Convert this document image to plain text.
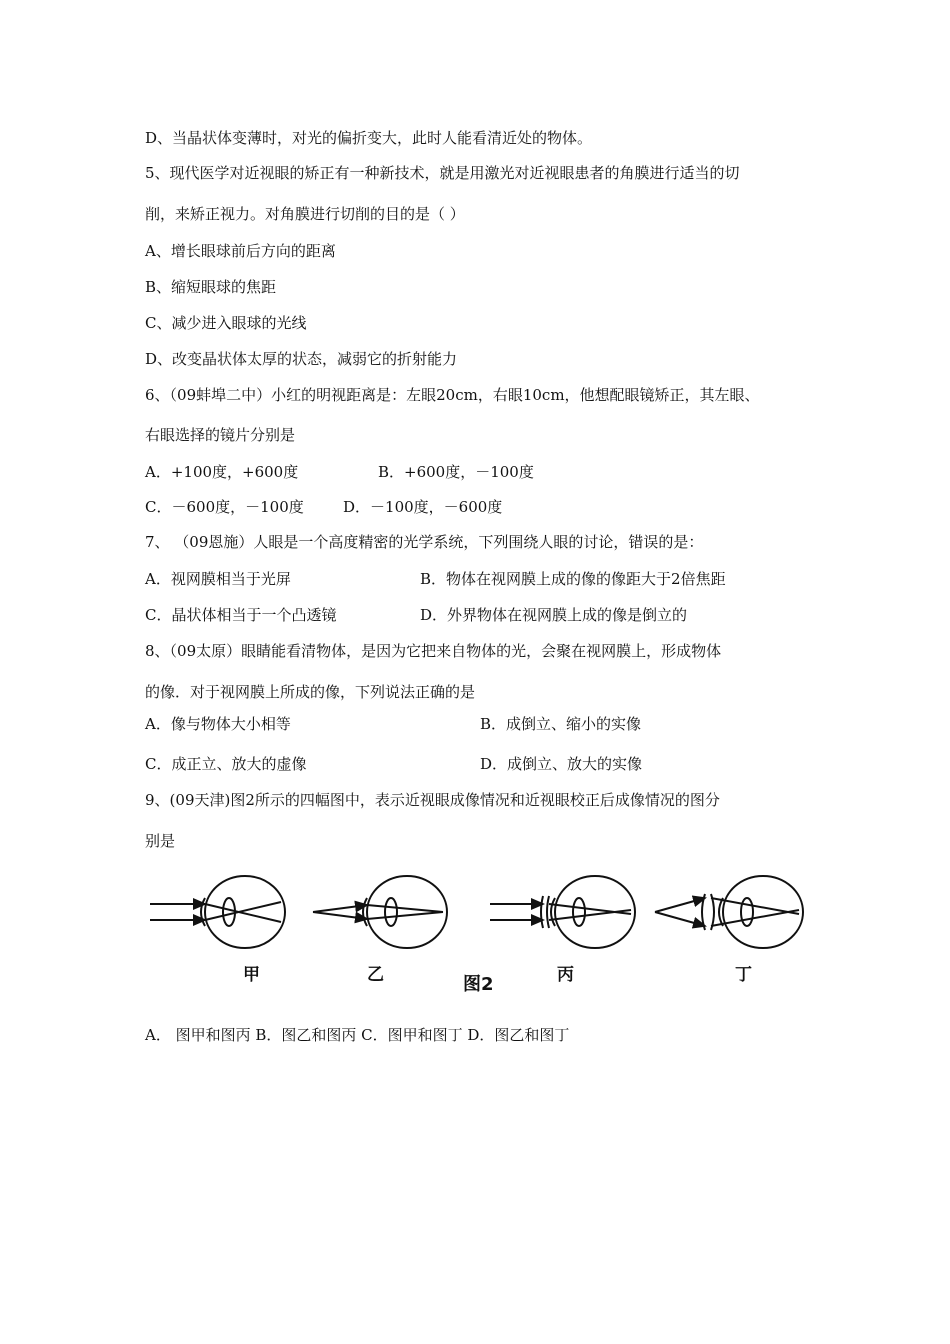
D、当晶状体变薄时，对光的偏折变大，此时人能看清近处的物体。
5、现代医学对近视眼的矫正有一种新技术，就是用激光对近视眼患者的角膜进行适当的切
削，来矫正视力。对角膜进行切削的目的是（ ）
A、增长眼球前后方向的距离
B、缩短眼球的焦距
C、减少进入眼球的光线
D、改变晶状体太厚的状态，减弱它的折射能力
6、（09蚌埠二中）小红的明视距离是：左眼20cm，右眼10cm，他想配眼镜矫正，其左眼、
右眼选择的镜片分别是
A．+100度，+600度	B．+600度，－100度
C．－600度，－100度	D．－100度，－600度
7、 （09恩施）人眼是一个高度精密的光学系统，下列围绕人眼的讨论，错误的是：
A．视网膜相当于光屏	B．物体在视网膜上成的像的像距大于2倍焦距
C．晶状体相当于一个凸透镜	D．外界物体在视网膜上成的像是倒立的
8、（09太原）眼睛能看清物体，是因为它把来自物体的光，会聚在视网膜上，形成物体
的像．对于视网膜上所成的像，下列说法正确的是
A．像与物体大小相等	B．成倒立、缩小的实像
C．成正立、放大的虚像	D．成倒立、放大的实像
9、(09天津)图2所示的四幅图中，表示近视眼成像情况和近视眼校正后成像情况的图分
别是
甲	乙	图2	丙	丁
A． 图甲和图丙 B．图乙和图丙 C．图甲和图丁 D．图乙和图丁
